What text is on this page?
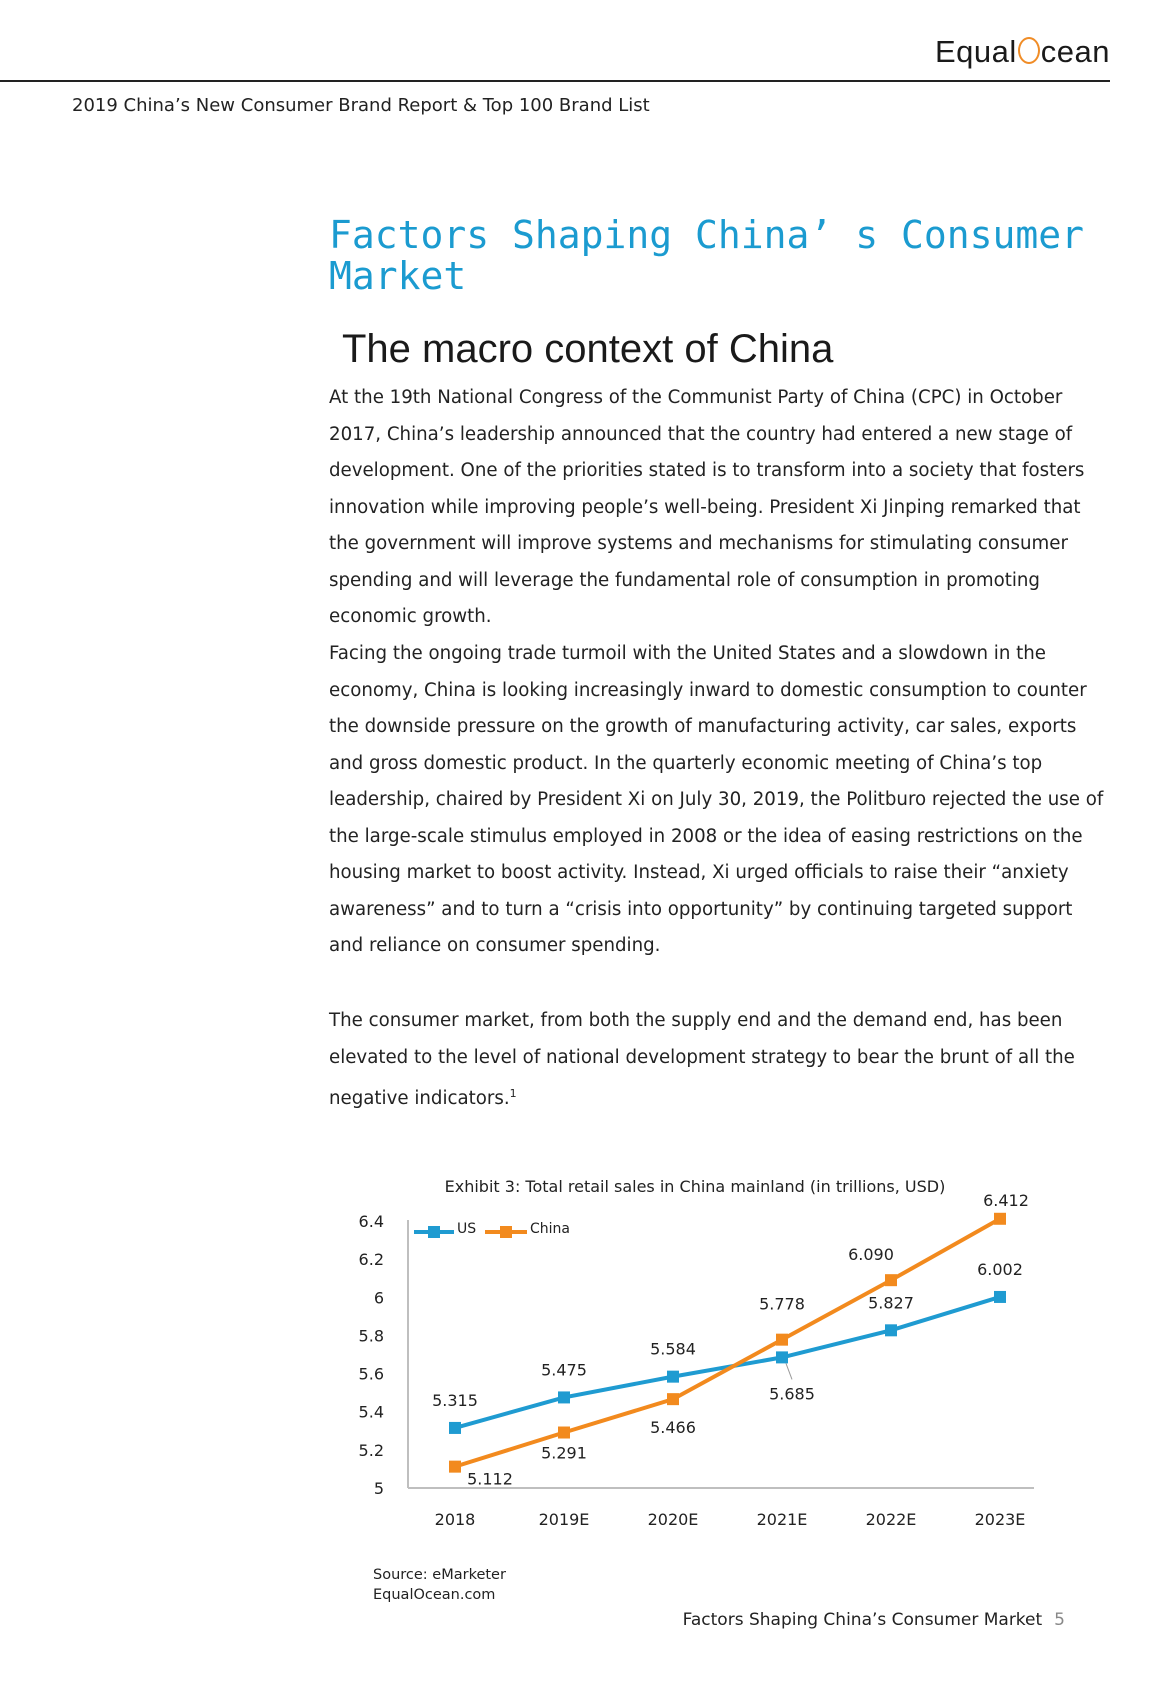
Equal cean
2019 China’s New Consumer Brand Report & Top 100 Brand List
Factors Shaping China’ s Consumer Market
The macro context of China

At the 19th National Congress of the Communist Party of China (CPC) in October 2017, China’s leadership announced that the country had entered a new stage of development. One of the priorities stated is to transform into a society that fosters innovation while improving people’s well-being. President Xi Jinping remarked that the government will improve systems and mechanisms for stimulating consumer spending and will leverage the fundamental role of consumption in promoting economic growth.

Facing the ongoing trade turmoil with the United States and a slowdown in the economy, China is looking increasingly inward to domestic consumption to counter the downside pressure on the growth of manufacturing activity, car sales, exports and gross domestic product. In the quarterly economic meeting of China’s top leadership, chaired by President Xi on July 30, 2019, the Politburo rejected the use of the large-scale stimulus employed in 2008 or the idea of easing restrictions on the housing market to boost activity. Instead, Xi urged officials to raise their “anxiety awareness” and to turn a “crisis into opportunity” by continuing targeted support and reliance on consumer spending.

The consumer market, from both the supply end and the demand end, has been elevated to the level of national development strategy to bear the brunt of all the negative indicators.$^1$

Exhibit 3: Total retail sales in China mainland (in trillions, USD)
5
5.2
5.4
5.6
5.8
6
6.2
6.4
2018	2019E	2020E	2021E	2022E	2023E
5.315
5.475
5.584
5.685
5.827
6.002
5.112
5.291
5.466
5.778
6.090
6.412
US	China
Source: eMarketer
EqualOcean.com
Factors Shaping China’s Consumer Market 5
